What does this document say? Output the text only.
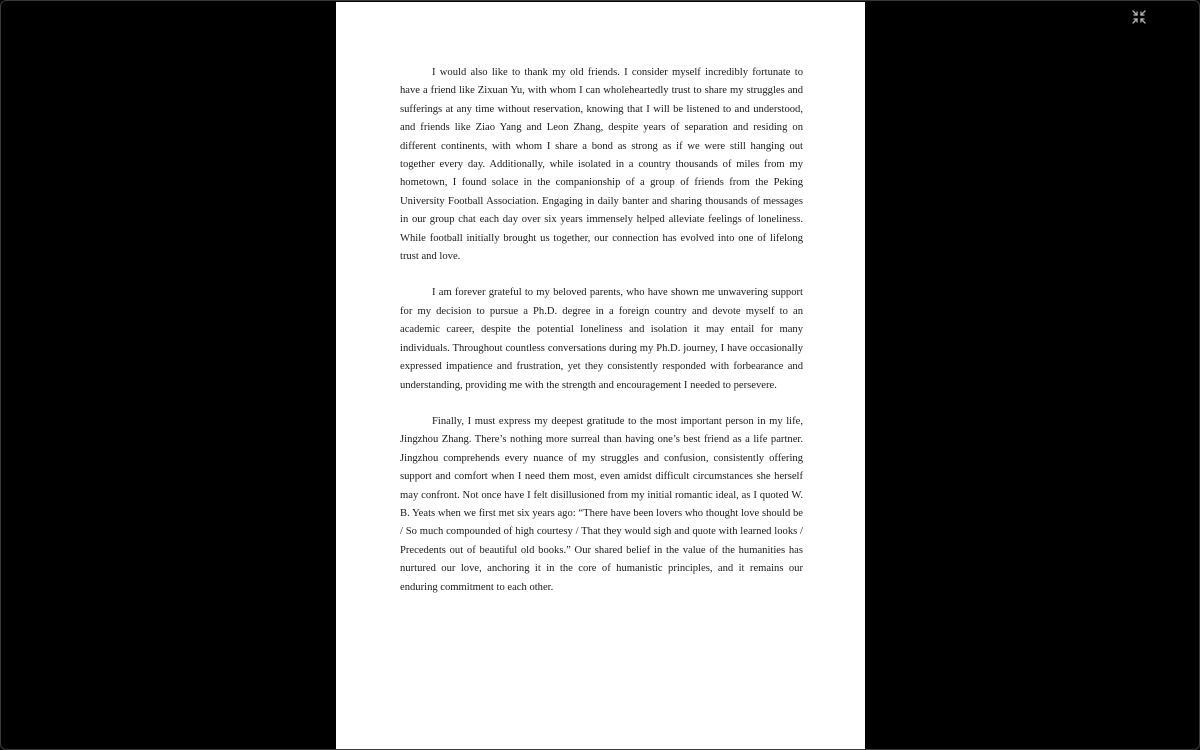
I would also like to thank my old friends. I consider myself incredibly fortunate to have a friend like Zixuan Yu, with whom I can wholeheartedly trust to share my struggles and sufferings at any time without reservation, knowing that I will be listened to and understood, and friends like Ziao Yang and Leon Zhang, despite years of separation and residing on different continents, with whom I share a bond as strong as if we were still hanging out together every day. Additionally, while isolated in a country thousands of miles from my hometown, I found solace in the companionship of a group of friends from the Peking University Football Association. Engaging in daily banter and sharing thousands of messages in our group chat each day over six years immensely helped alleviate feelings of loneliness. While football initially brought us together, our connection has evolved into one of lifelong trust and love.

I am forever grateful to my beloved parents, who have shown me unwavering support for my decision to pursue a Ph.D. degree in a foreign country and devote myself to an academic career, despite the potential loneliness and isolation it may entail for many individuals. Throughout countless conversations during my Ph.D. journey, I have occasionally expressed impatience and frustration, yet they consistently responded with forbearance and understanding, providing me with the strength and encouragement I needed to persevere.

Finally, I must express my deepest gratitude to the most important person in my life, Jingzhou Zhang. There’s nothing more surreal than having one’s best friend as a life partner. Jingzhou comprehends every nuance of my struggles and confusion, consistently offering support and comfort when I need them most, even amidst difficult circumstances she herself may confront. Not once have I felt disillusioned from my initial romantic ideal, as I quoted W. B. Yeats when we first met six years ago: “There have been lovers who thought love should be / So much compounded of high courtesy / That they would sigh and quote with learned looks / Precedents out of beautiful old books.” Our shared belief in the value of the humanities has nurtured our love, anchoring it in the core of humanistic principles, and it remains our enduring commitment to each other.
